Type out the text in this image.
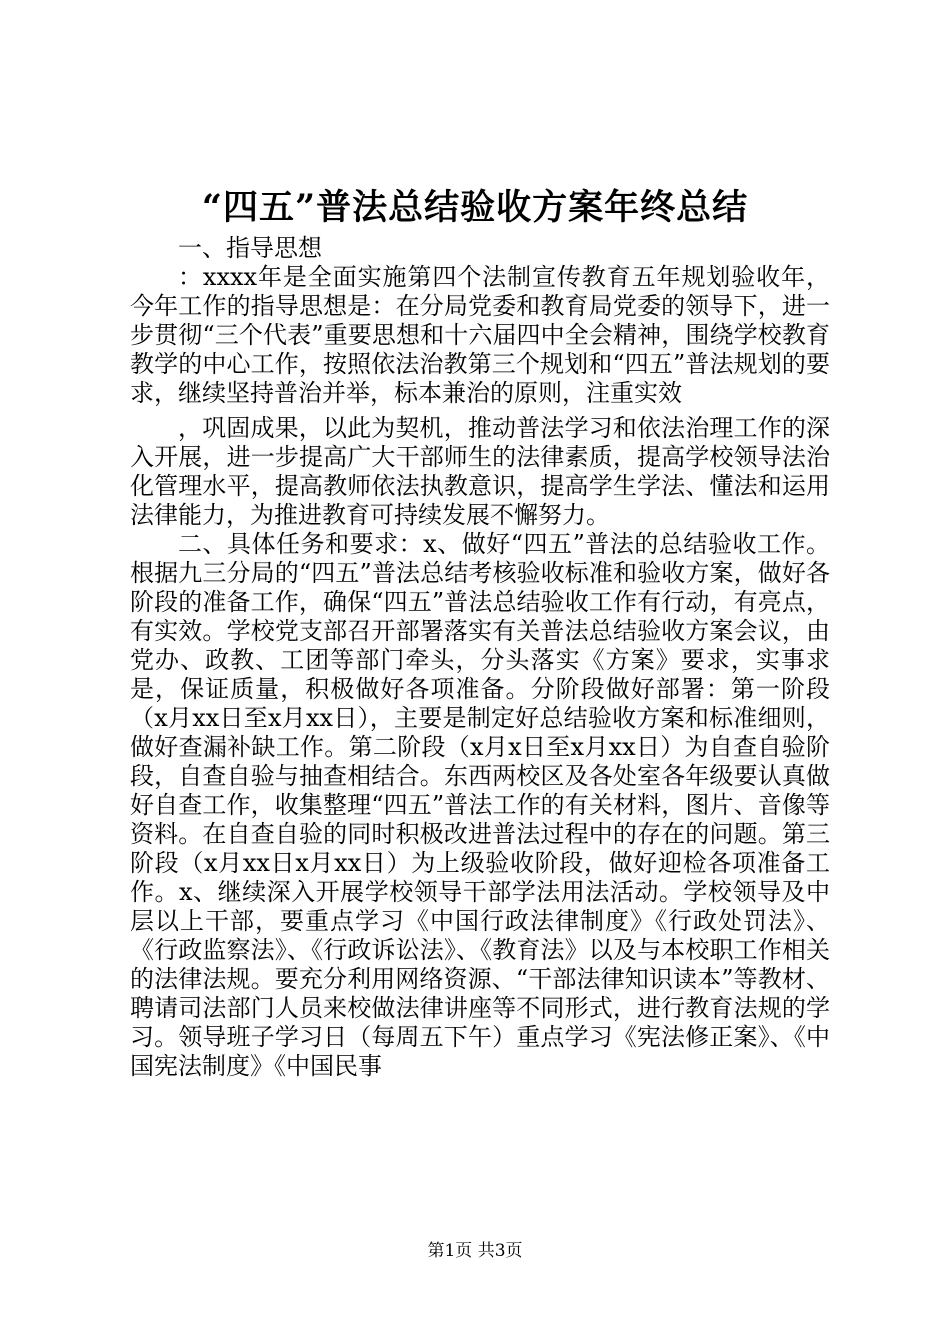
“四五”普法总结验收方案年终总结

一、指导思想

：xxxx年是全面实施第四个法制宣传教育五年规划验收年，今年工作的指导思想是：在分局党委和教育局党委的领导下，进一步贯彻“三个代表”重要思想和十六届四中全会精神，围绕学校教育教学的中心工作，按照依法治教第三个规划和“四五”普法规划的要求，继续坚持普治并举，标本兼治的原则，注重实效

，巩固成果，以此为契机，推动普法学习和依法治理工作的深入开展，进一步提高广大干部师生的法律素质，提高学校领导法治化管理水平，提高教师依法执教意识，提高学生学法、懂法和运用法律能力，为推进教育可持续发展不懈努力。

二、具体任务和要求：x、做好“四五”普法的总结验收工作。根据九三分局的“四五”普法总结考核验收标准和验收方案，做好各阶段的准备工作，确保“四五”普法总结验收工作有行动，有亮点，有实效。学校党支部召开部署落实有关普法总结验收方案会议，由党办、政教、工团等部门牵头，分头落实《方案》要求，实事求是，保证质量，积极做好各项准备。分阶段做好部署：第一阶段（x月xx日至x月xx日），主要是制定好总结验收方案和标准细则，做好查漏补缺工作。第二阶段（x月x日至x月xx日）为自查自验阶段，自查自验与抽查相结合。东西两校区及各处室各年级要认真做好自查工作，收集整理“四五”普法工作的有关材料，图片、音像等资料。在自查自验的同时积极改进普法过程中的存在的问题。第三阶段（x月xx日x月xx日）为上级验收阶段，做好迎检各项准备工作。x、继续深入开展学校领导干部学法用法活动。学校领导及中层以上干部，要重点学习《中国行政法律制度》《行政处罚法》、《行政监察法》、《行政诉讼法》、《教育法》以及与本校职工作相关的法律法规。要充分利用网络资源、“干部法律知识读本”等教材、聘请司法部门人员来校做法律讲座等不同形式，进行教育法规的学习。领导班子学习日（每周五下午）重点学习《宪法修正案》、《中国宪法制度》《中国民事

第1页 共3页
